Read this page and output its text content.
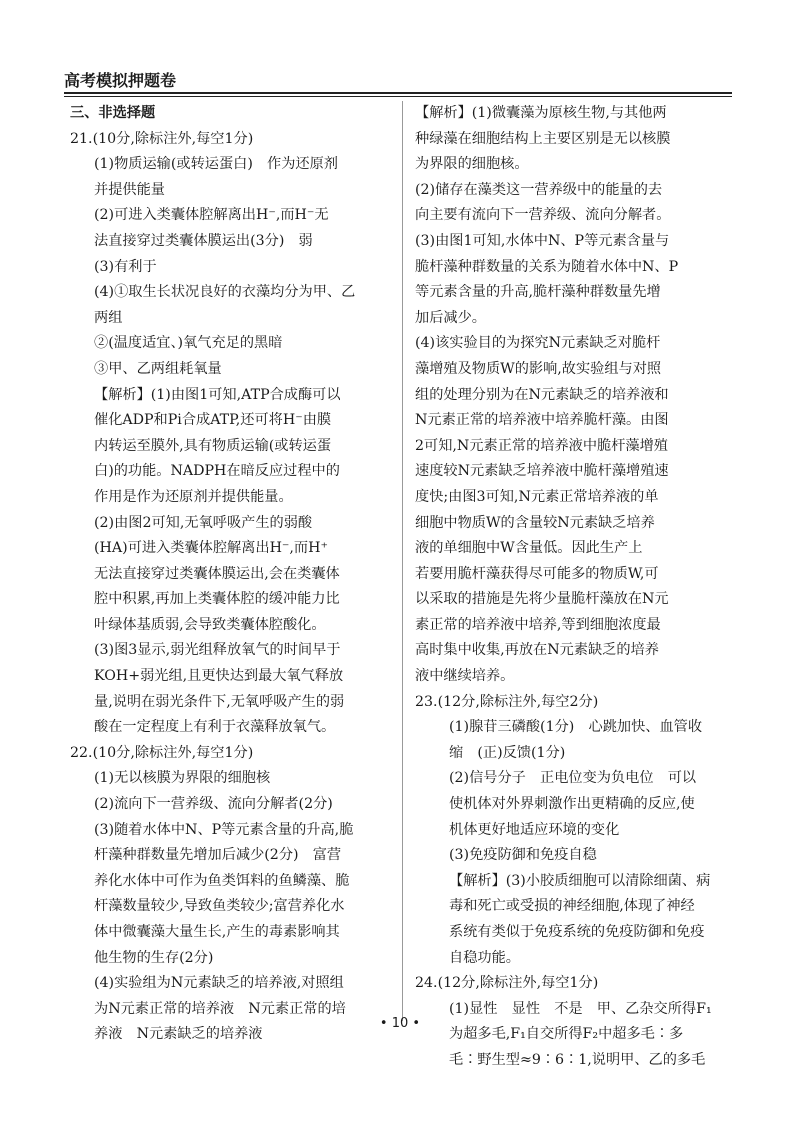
高考模拟押题卷
三、非选择题
21.(10分,除标注外,每空1分)
(1)物质运输(或转运蛋白)　作为还原剂
并提供能量
(2)可进入类囊体腔解离出H⁻,而H⁻无
法直接穿过类囊体膜运出(3分)　弱
(3)有利于
(4)①取生长状况良好的衣藻均分为甲、乙
两组
②(温度适宜、)氧气充足的黑暗
③甲、乙两组耗氧量
【解析】(1)由图1可知,ATP合成酶可以
催化ADP和Pi合成ATP,还可将H⁻由膜
内转运至膜外,具有物质运输(或转运蛋
白)的功能。NADPH在暗反应过程中的
作用是作为还原剂并提供能量。
(2)由图2可知,无氧呼吸产生的弱酸
(HA)可进入类囊体腔解离出H⁻,而H⁺
无法直接穿过类囊体膜运出,会在类囊体
腔中积累,再加上类囊体腔的缓冲能力比
叶绿体基质弱,会导致类囊体腔酸化。
(3)图3显示,弱光组释放氧气的时间早于
KOH+弱光组,且更快达到最大氧气释放
量,说明在弱光条件下,无氧呼吸产生的弱
酸在一定程度上有利于衣藻释放氧气。
22.(10分,除标注外,每空1分)
(1)无以核膜为界限的细胞核
(2)流向下一营养级、流向分解者(2分)
(3)随着水体中N、P等元素含量的升高,脆
杆藻种群数量先增加后减少(2分)　富营
养化水体中可作为鱼类饵料的鱼鳞藻、脆
杆藻数量较少,导致鱼类较少;富营养化水
体中微囊藻大量生长,产生的毒素影响其
他生物的生存(2分)
(4)实验组为N元素缺乏的培养液,对照组
为N元素正常的培养液　N元素正常的培
养液　N元素缺乏的培养液
【解析】(1)微囊藻为原核生物,与其他两
种绿藻在细胞结构上主要区别是无以核膜
为界限的细胞核。
(2)储存在藻类这一营养级中的能量的去
向主要有流向下一营养级、流向分解者。
(3)由图1可知,水体中N、P等元素含量与
脆杆藻种群数量的关系为随着水体中N、P
等元素含量的升高,脆杆藻种群数量先增
加后减少。
(4)该实验目的为探究N元素缺乏对脆杆
藻增殖及物质W的影响,故实验组与对照
组的处理分别为在N元素缺乏的培养液和
N元素正常的培养液中培养脆杆藻。由图
2可知,N元素正常的培养液中脆杆藻增殖
速度较N元素缺乏培养液中脆杆藻增殖速
度快;由图3可知,N元素正常培养液的单
细胞中物质W的含量较N元素缺乏培养
液的单细胞中W含量低。因此生产上
若要用脆杆藻获得尽可能多的物质W,可
以采取的措施是先将少量脆杆藻放在N元
素正常的培养液中培养,等到细胞浓度最
高时集中收集,再放在N元素缺乏的培养
液中继续培养。
23.(12分,除标注外,每空2分)
(1)腺苷三磷酸(1分)　心跳加快、血管收
缩　(正)反馈(1分)
(2)信号分子　正电位变为负电位　可以
使机体对外界刺激作出更精确的反应,使
机体更好地适应环境的变化
(3)免疫防御和免疫自稳
【解析】(3)小胶质细胞可以清除细菌、病
毒和死亡或受损的神经细胞,体现了神经
系统有类似于免疫系统的免疫防御和免疫
自稳功能。
24.(12分,除标注外,每空1分)
(1)显性　显性　不是　甲、乙杂交所得F₁
为超多毛,F₁自交所得F₂中超多毛∶多
毛∶野生型≈9∶6∶1,说明甲、乙的多毛
• 10 •
